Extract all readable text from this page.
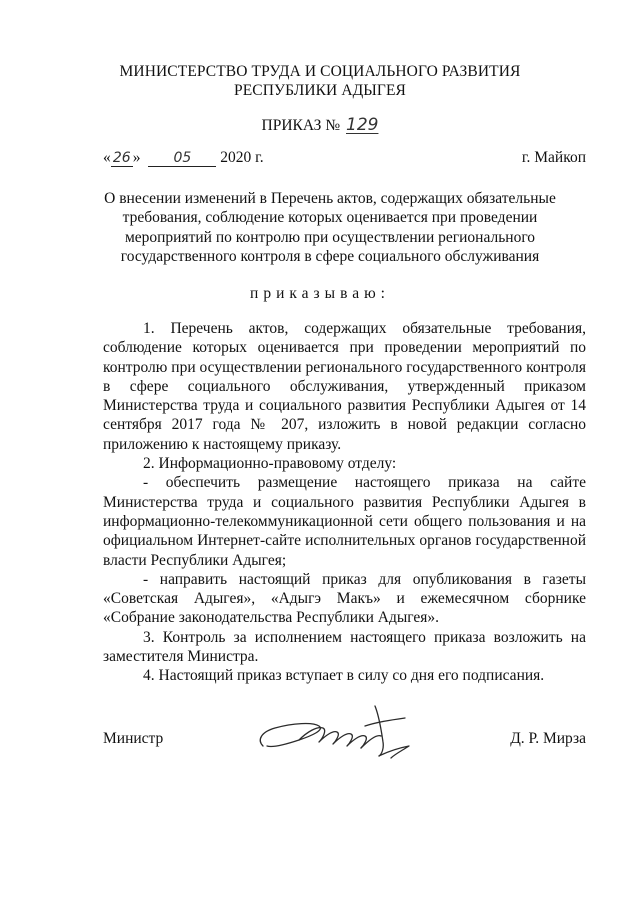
МИНИСТЕРСТВО ТРУДА И СОЦИАЛЬНОГО РАЗВИТИЯ
РЕСПУБЛИКИ АДЫГЕЯ
ПРИКАЗ № 129
« 26 » 05 2020 г.	г. Майкоп
О внесении изменений в Перечень актов, содержащих обязательные требования, соблюдение которых оценивается при проведении мероприятий по контролю при осуществлении регионального государственного контроля в сфере социального обслуживания
приказываю:

1. Перечень актов, содержащих обязательные требования, соблюдение которых оценивается при проведении мероприятий по контролю при осуществлении регионального государственного контроля в сфере социального обслуживания, утвержденный приказом Министерства труда и социального развития Республики Адыгея от 14 сентября 2017 года № 207, изложить в новой редакции согласно приложению к настоящему приказу.

2. Информационно-правовому отделу:

- обеспечить размещение настоящего приказа на сайте Министерства труда и социального развития Республики Адыгея в информационно-телекоммуникационной сети общего пользования и на официальном Интернет-сайте исполнительных органов государственной власти Республики Адыгея;

- направить настоящий приказ для опубликования в газеты «Советская Адыгея», «Адыгэ Макъ» и ежемесячном сборнике «Собрание законодательства Республики Адыгея».

3. Контроль за исполнением настоящего приказа возложить на заместителя Министра.

4. Настоящий приказ вступает в силу со дня его подписания.

Министр	Д. Р. Мирза
